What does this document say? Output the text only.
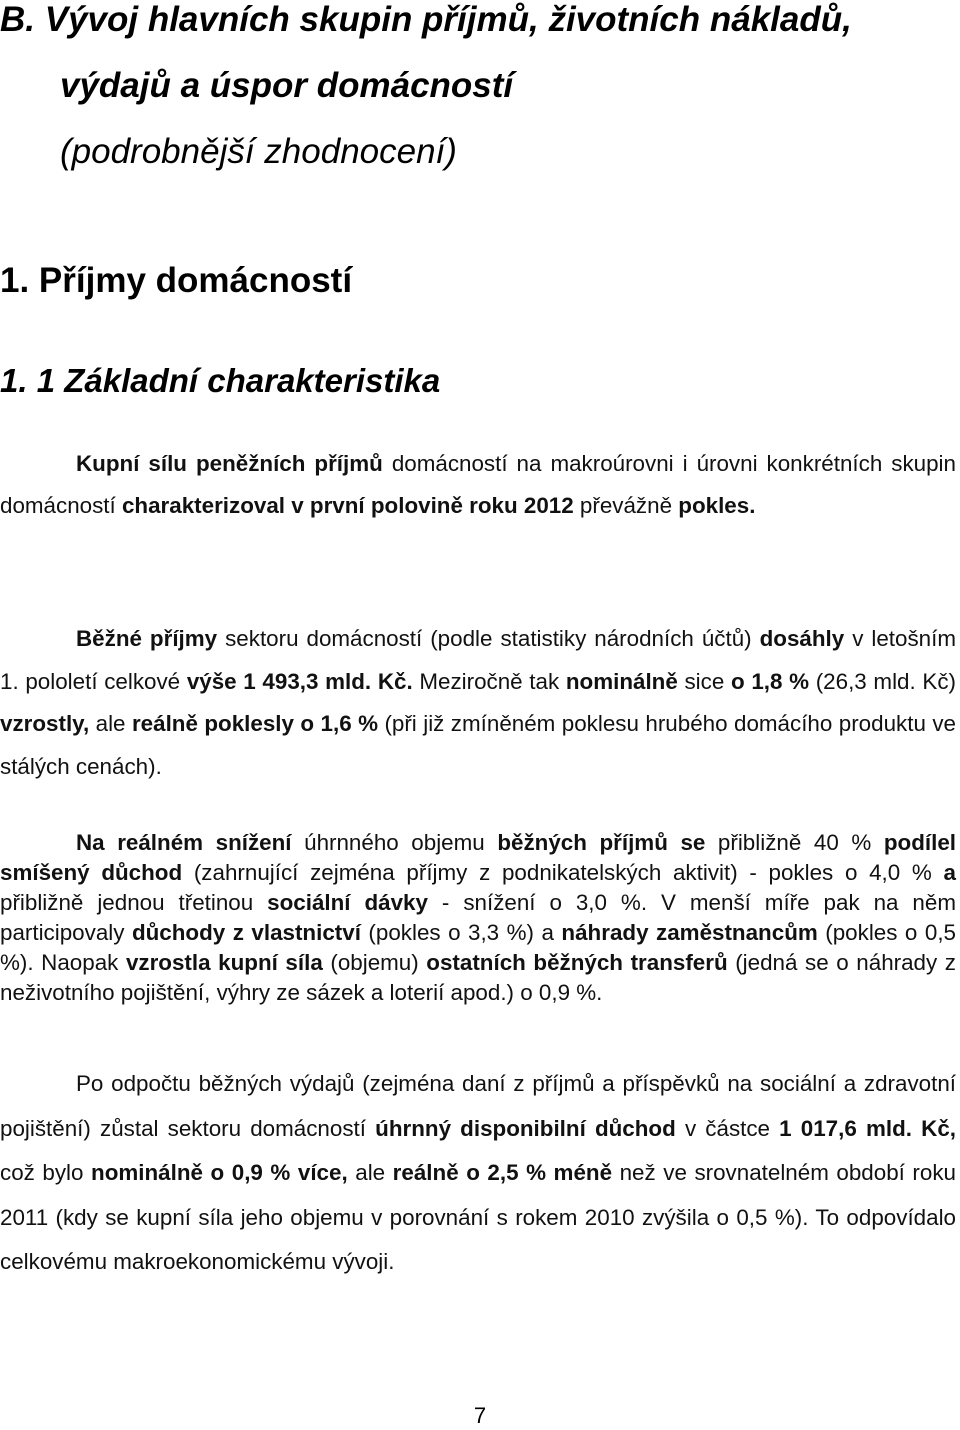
B. Vývoj hlavních skupin příjmů, životních nákladů,
výdajů a úspor domácností
(podrobnější zhodnocení)
1. Příjmy domácností
1. 1 Základní charakteristika

Kupní sílu peněžních příjmů domácností na makroúrovni i úrovni konkrétních skupin domácností charakterizoval v první polovině roku 2012 převážně pokles.

Běžné příjmy sektoru domácností (podle statistiky národních účtů) dosáhly v letošním 1. pololetí celkové výše 1 493,3 mld. Kč. Meziročně tak nominálně sice o 1,8 % (26,3 mld. Kč) vzrostly, ale reálně poklesly o 1,6 % (při již zmíněném poklesu hrubého domácího produktu ve stálých cenách).

Na reálném snížení úhrnného objemu běžných příjmů se přibližně 40 % podílel smíšený důchod (zahrnující zejména příjmy z podnikatelských aktivit) - pokles o 4,0 % a přibližně jednou třetinou sociální dávky - snížení o 3,0 %. V menší míře pak na něm participovaly důchody z vlastnictví (pokles o 3,3 %) a náhrady zaměstnancům (pokles o 0,5 %). Naopak vzrostla kupní síla (objemu) ostatních běžných transferů (jedná se o náhrady z neživotního pojištění, výhry ze sázek a loterií apod.) o 0,9 %.

Po odpočtu běžných výdajů (zejména daní z příjmů a příspěvků na sociální a zdravotní pojištění) zůstal sektoru domácností úhrnný disponibilní důchod v částce 1 017,6 mld. Kč, což bylo nominálně o 0,9 % více, ale reálně o 2,5 % méně než ve srovnatelném období roku 2011 (kdy se kupní síla jeho objemu v porovnání s rokem 2010 zvýšila o 0,5 %). To odpovídalo celkovému makroekonomickému vývoji.

7
